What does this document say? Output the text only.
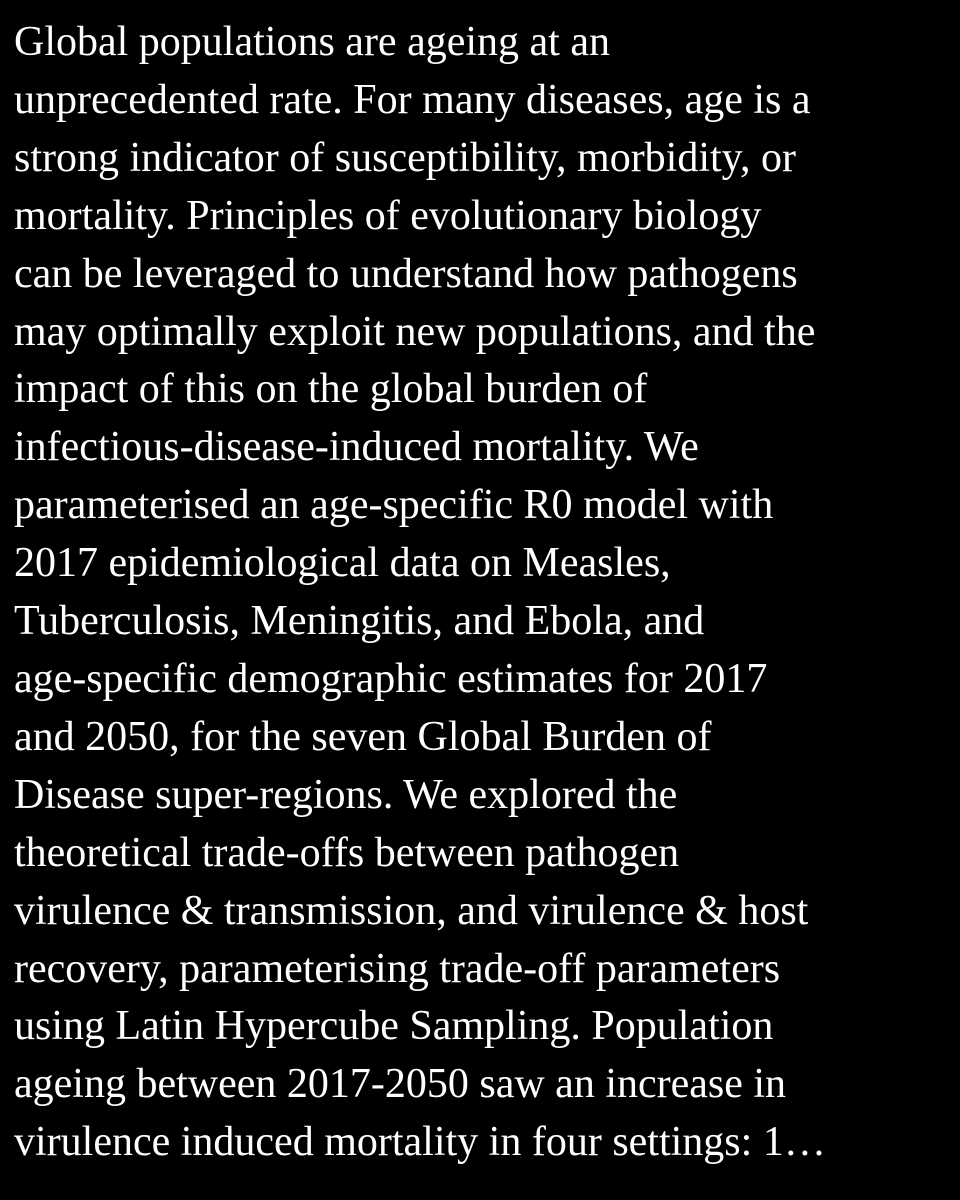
Global populations are ageing at an
unprecedented rate. For many diseases, age is a
strong indicator of susceptibility, morbidity, or
mortality. Principles of evolutionary biology
can be leveraged to understand how pathogens
may optimally exploit new populations, and the
impact of this on the global burden of
infectious-disease-induced mortality. We
parameterised an age-specific R0 model with
2017 epidemiological data on Measles,
Tuberculosis, Meningitis, and Ebola, and
age-specific demographic estimates for 2017
and 2050, for the seven Global Burden of
Disease super-regions. We explored the
theoretical trade-offs between pathogen
virulence & transmission, and virulence & host
recovery, parameterising trade-off parameters
using Latin Hypercube Sampling. Population
ageing between 2017-2050 saw an increase in
virulence induced mortality in four settings: 1…
